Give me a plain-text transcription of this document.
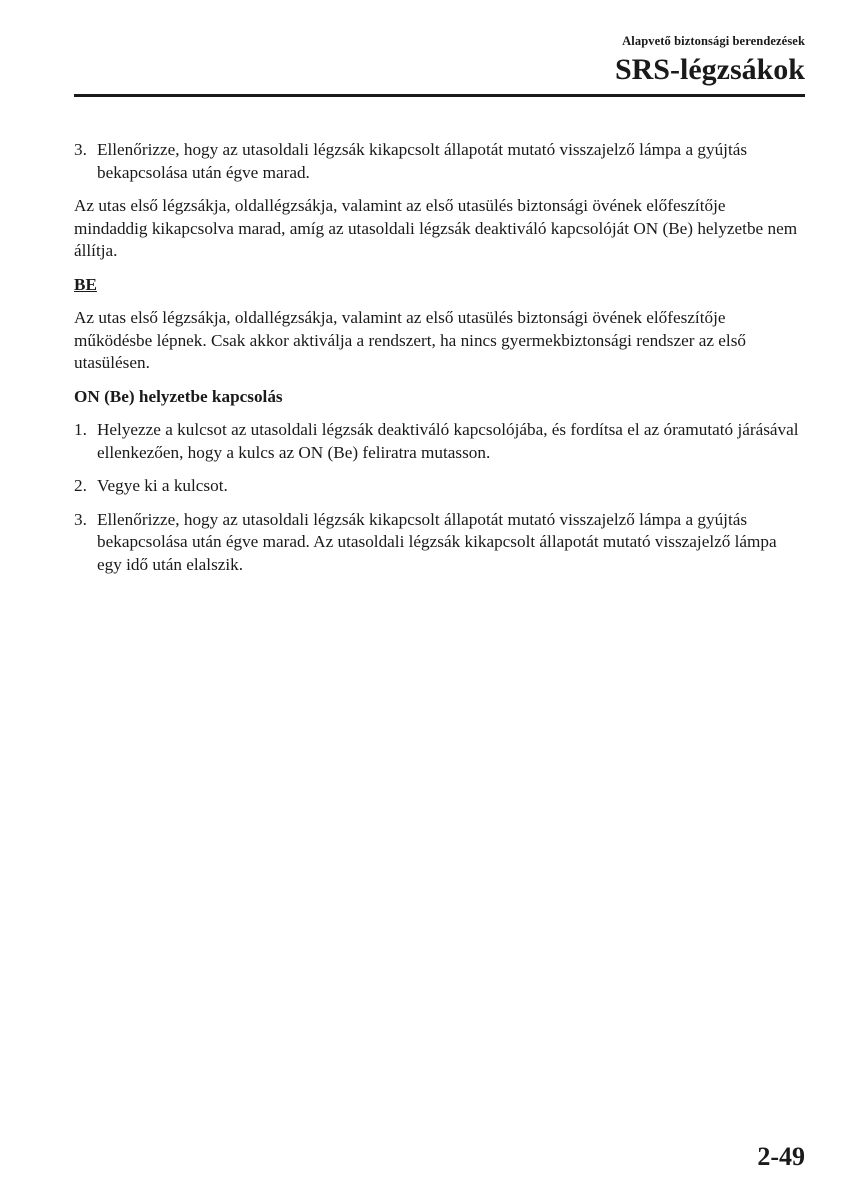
Alapvető biztonsági berendezések
SRS-légzsákok
3. Ellenőrizze, hogy az utasoldali légzsák kikapcsolt állapotát mutató visszajelző lámpa a gyújtás bekapcsolása után égve marad.

Az utas első légzsákja, oldallégzsákja, valamint az első utasülés biztonsági övének előfeszítője mindaddig kikapcsolva marad, amíg az utasoldali légzsák deaktiváló kapcsolóját ON (Be) helyzetbe nem állítja.

BE

Az utas első légzsákja, oldallégzsákja, valamint az első utasülés biztonsági övének előfeszítője működésbe lépnek. Csak akkor aktiválja a rendszert, ha nincs gyermekbiztonsági rendszer az első utasülésen.

ON (Be) helyzetbe kapcsolás
1. Helyezze a kulcsot az utasoldali légzsák deaktiváló kapcsolójába, és fordítsa el az óramutató járásával ellenkezően, hogy a kulcs az ON (Be) feliratra mutasson.
2. Vegye ki a kulcsot.
3. Ellenőrizze, hogy az utasoldali légzsák kikapcsolt állapotát mutató visszajelző lámpa a gyújtás bekapcsolása után égve marad. Az utasoldali légzsák kikapcsolt állapotát mutató visszajelző lámpa egy idő után elalszik.
2-49
